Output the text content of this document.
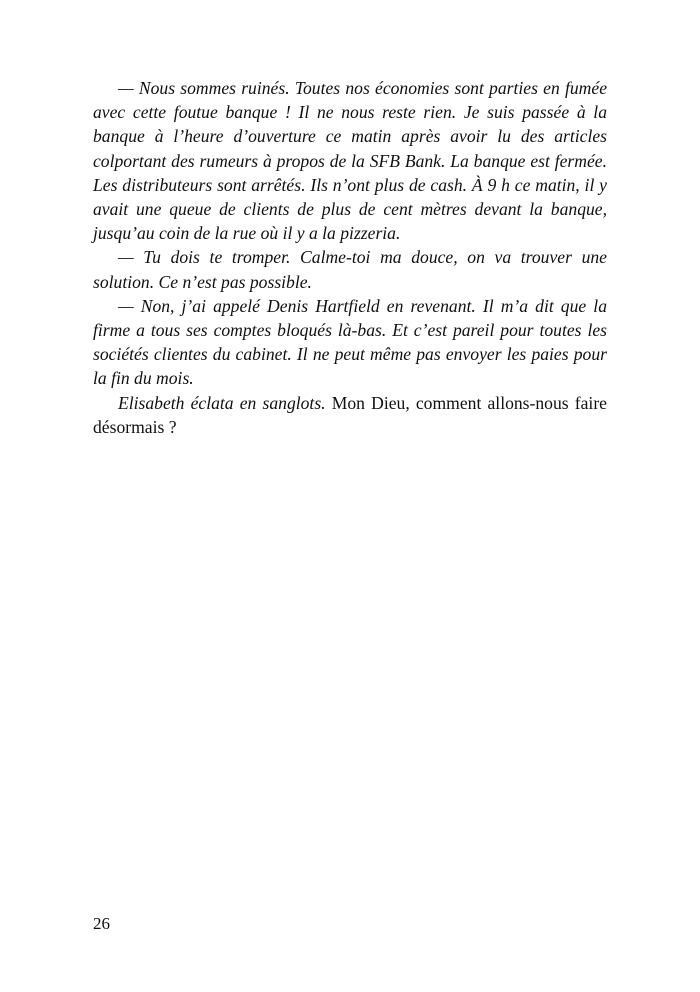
— Nous sommes ruinés. Toutes nos économies sont parties en fumée avec cette foutue banque ! Il ne nous reste rien. Je suis passée à la banque à l’heure d’ouverture ce matin après avoir lu des articles colportant des rumeurs à propos de la SFB Bank. La banque est fermée. Les distributeurs sont arrêtés. Ils n’ont plus de cash. À 9 h ce matin, il y avait une queue de clients de plus de cent mètres devant la banque, jusqu’au coin de la rue où il y a la pizzeria.

— Tu dois te tromper. Calme-toi ma douce, on va trouver une solution. Ce n’est pas possible.

— Non, j’ai appelé Denis Hartfield en revenant. Il m’a dit que la firme a tous ses comptes bloqués là-bas. Et c’est pareil pour toutes les sociétés clientes du cabinet. Il ne peut même pas envoyer les paies pour la fin du mois.

Elisabeth éclata en sanglots. Mon Dieu, comment allons-nous faire désormais ?

26
